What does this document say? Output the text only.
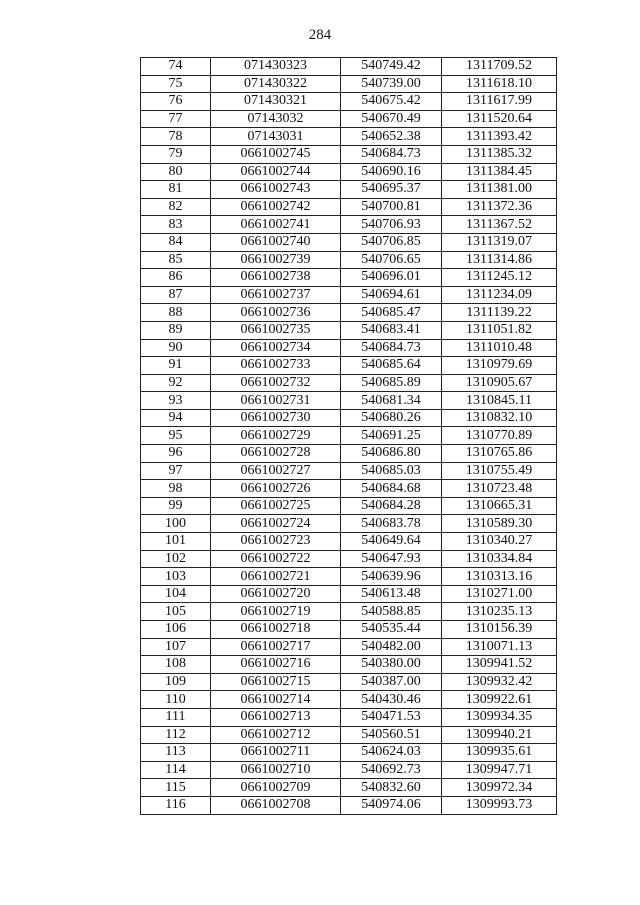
284
74	071430323	540749.42	1311709.52
75	071430322	540739.00	1311618.10
76	071430321	540675.42	1311617.99
77	07143032	540670.49	1311520.64
78	07143031	540652.38	1311393.42
79	0661002745	540684.73	1311385.32
80	0661002744	540690.16	1311384.45
81	0661002743	540695.37	1311381.00
82	0661002742	540700.81	1311372.36
83	0661002741	540706.93	1311367.52
84	0661002740	540706.85	1311319.07
85	0661002739	540706.65	1311314.86
86	0661002738	540696.01	1311245.12
87	0661002737	540694.61	1311234.09
88	0661002736	540685.47	1311139.22
89	0661002735	540683.41	1311051.82
90	0661002734	540684.73	1311010.48
91	0661002733	540685.64	1310979.69
92	0661002732	540685.89	1310905.67
93	0661002731	540681.34	1310845.11
94	0661002730	540680.26	1310832.10
95	0661002729	540691.25	1310770.89
96	0661002728	540686.80	1310765.86
97	0661002727	540685.03	1310755.49
98	0661002726	540684.68	1310723.48
99	0661002725	540684.28	1310665.31
100	0661002724	540683.78	1310589.30
101	0661002723	540649.64	1310340.27
102	0661002722	540647.93	1310334.84
103	0661002721	540639.96	1310313.16
104	0661002720	540613.48	1310271.00
105	0661002719	540588.85	1310235.13
106	0661002718	540535.44	1310156.39
107	0661002717	540482.00	1310071.13
108	0661002716	540380.00	1309941.52
109	0661002715	540387.00	1309932.42
110	0661002714	540430.46	1309922.61
111	0661002713	540471.53	1309934.35
112	0661002712	540560.51	1309940.21
113	0661002711	540624.03	1309935.61
114	0661002710	540692.73	1309947.71
115	0661002709	540832.60	1309972.34
116	0661002708	540974.06	1309993.73
